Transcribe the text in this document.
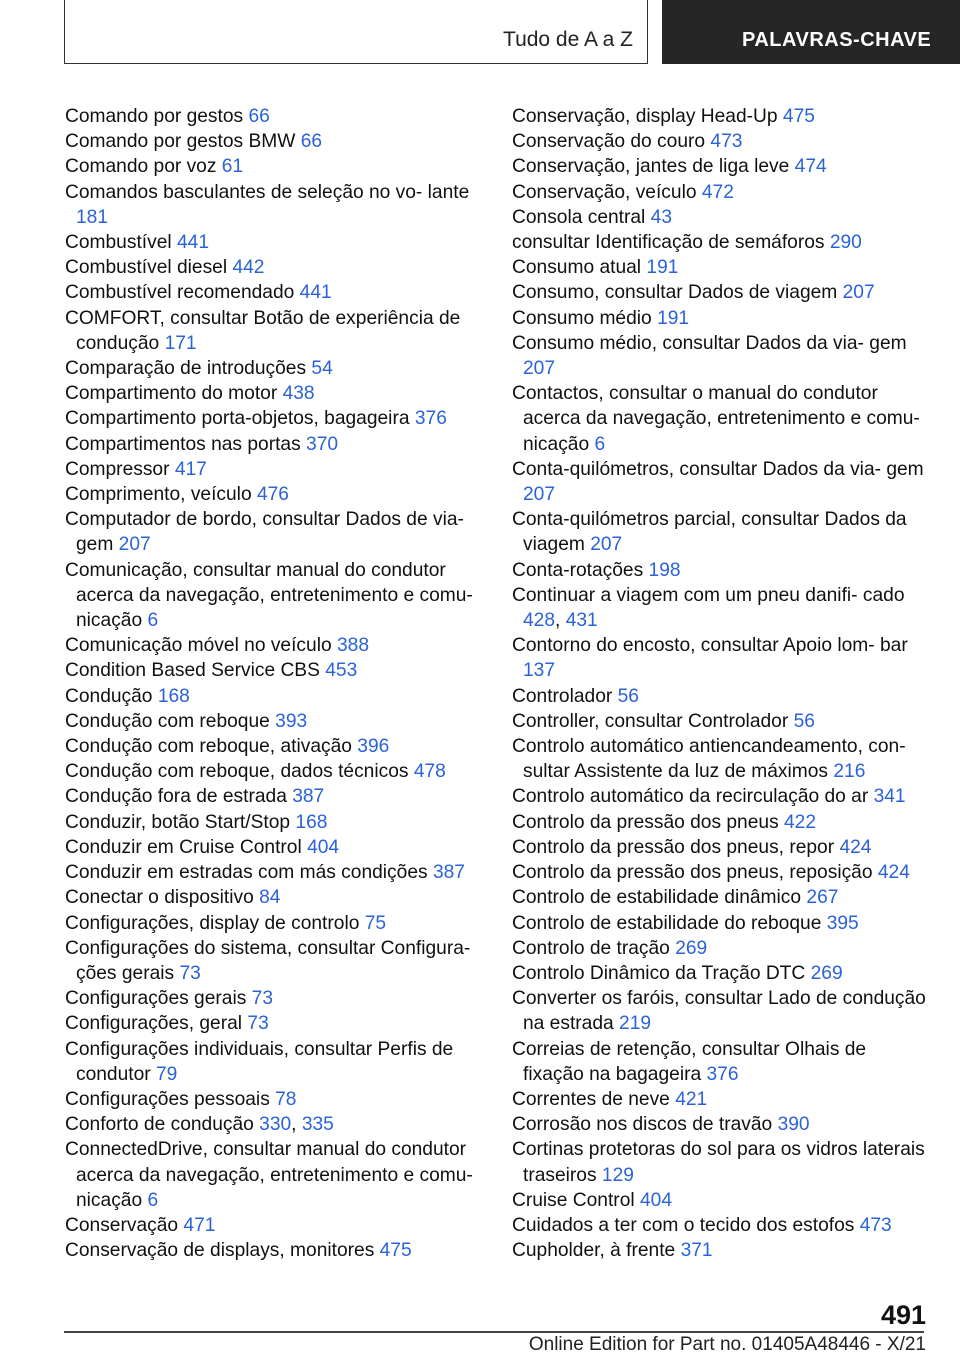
Tudo de A a Z	PALAVRAS-CHAVE

Comando por gestos 66

Comando por gestos BMW 66

Comando por voz 61

Comandos basculantes de seleção no vo‐ lante 181

Combustível 441

Combustível diesel 442

Combustível recomendado 441

COMFORT, consultar Botão de experiência de condução 171

Comparação de introduções 54

Compartimento do motor 438

Compartimento porta-objetos, bagageira 376

Compartimentos nas portas 370

Compressor 417

Comprimento, veículo 476

Computador de bordo, consultar Dados de via‐ gem 207

Comunicação, consultar manual do condutor acerca da navegação, entretenimento e comu‐ nicação 6

Comunicação móvel no veículo 388

Condition Based Service CBS 453

Condução 168

Condução com reboque 393

Condução com reboque, ativação 396

Condução com reboque, dados técnicos 478

Condução fora de estrada 387

Conduzir, botão Start/Stop 168

Conduzir em Cruise Control 404

Conduzir em estradas com más condições 387

Conectar o dispositivo 84

Configurações, display de controlo 75

Configurações do sistema, consultar Configura‐ ções gerais 73

Configurações gerais 73

Configurações, geral 73

Configurações individuais, consultar Perfis de condutor 79

Configurações pessoais 78

Conforto de condução 330, 335

ConnectedDrive, consultar manual do condutor acerca da navegação, entretenimento e comu‐ nicação 6

Conservação 471

Conservação de displays, monitores 475

Conservação, display Head-Up 475

Conservação do couro 473

Conservação, jantes de liga leve 474

Conservação, veículo 472

Consola central 43

consultar Identificação de semáforos 290

Consumo atual 191

Consumo, consultar Dados de viagem 207

Consumo médio 191

Consumo médio, consultar Dados da via‐ gem 207

Contactos, consultar o manual do condutor acerca da navegação, entretenimento e comu‐ nicação 6

Conta-quilómetros, consultar Dados da via‐ gem 207

Conta-quilómetros parcial, consultar Dados da viagem 207

Conta-rotações 198

Continuar a viagem com um pneu danifi‐ cado 428, 431

Contorno do encosto, consultar Apoio lom‐ bar 137

Controlador 56

Controller, consultar Controlador 56

Controlo automático antiencandeamento, con‐ sultar Assistente da luz de máximos 216

Controlo automático da recirculação do ar 341

Controlo da pressão dos pneus 422

Controlo da pressão dos pneus, repor 424

Controlo da pressão dos pneus, reposição 424

Controlo de estabilidade dinâmico 267

Controlo de estabilidade do reboque 395

Controlo de tração 269

Controlo Dinâmico da Tração DTC 269

Converter os faróis, consultar Lado de condução na estrada 219

Correias de retenção, consultar Olhais de fixação na bagageira 376

Correntes de neve 421

Corrosão nos discos de travão 390

Cortinas protetoras do sol para os vidros laterais traseiros 129

Cruise Control 404

Cuidados a ter com o tecido dos estofos 473

Cupholder, à frente 371

491
Online Edition for Part no. 01405A48446 - X/21
